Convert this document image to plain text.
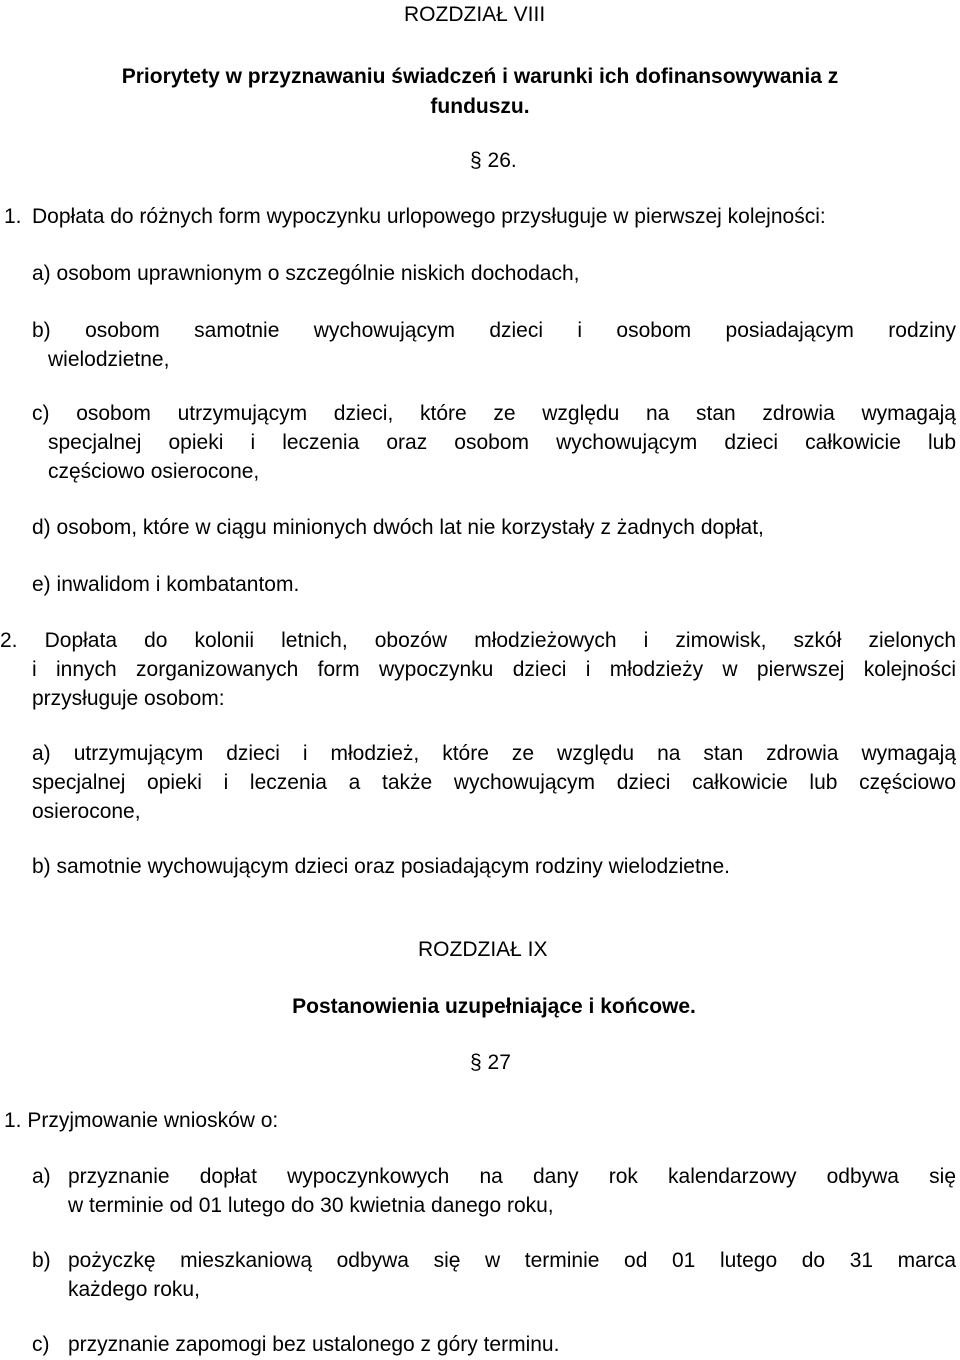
ROZDZIAŁ VIII
Priorytety w przyznawaniu świadczeń i warunki ich dofinansowywania z
funduszu.
§ 26.
1. Dopłata do różnych form wypoczynku urlopowego przysługuje w pierwszej kolejności:
a) osobom uprawnionym o szczególnie niskich dochodach,
b) osobom samotnie wychowującym dzieci i osobom posiadającym rodziny
wielodzietne,
c) osobom utrzymującym dzieci, które ze względu na stan zdrowia wymagają
specjalnej opieki i leczenia oraz osobom wychowującym dzieci całkowicie lub
częściowo osierocone,
d) osobom, które w ciągu minionych dwóch lat nie korzystały z żadnych dopłat,
e) inwalidom i kombatantom.
2. Dopłata do kolonii letnich, obozów młodzieżowych i zimowisk, szkół zielonych
i innych zorganizowanych form wypoczynku dzieci i młodzieży w pierwszej kolejności
przysługuje osobom:
a) utrzymującym dzieci i młodzież, które ze względu na stan zdrowia wymagają
specjalnej opieki i leczenia a także wychowującym dzieci całkowicie lub częściowo
osierocone,
b) samotnie wychowującym dzieci oraz posiadającym rodziny wielodzietne.
ROZDZIAŁ IX
Postanowienia uzupełniające i końcowe.
§ 27
1. Przyjmowanie wniosków o:
a) przyznanie dopłat wypoczynkowych na dany rok kalendarzowy odbywa się
w terminie od 01 lutego do 30 kwietnia danego roku,
b) pożyczkę mieszkaniową odbywa się w terminie od 01 lutego do 31 marca
każdego roku,
c) przyznanie zapomogi bez ustalonego z góry terminu.
